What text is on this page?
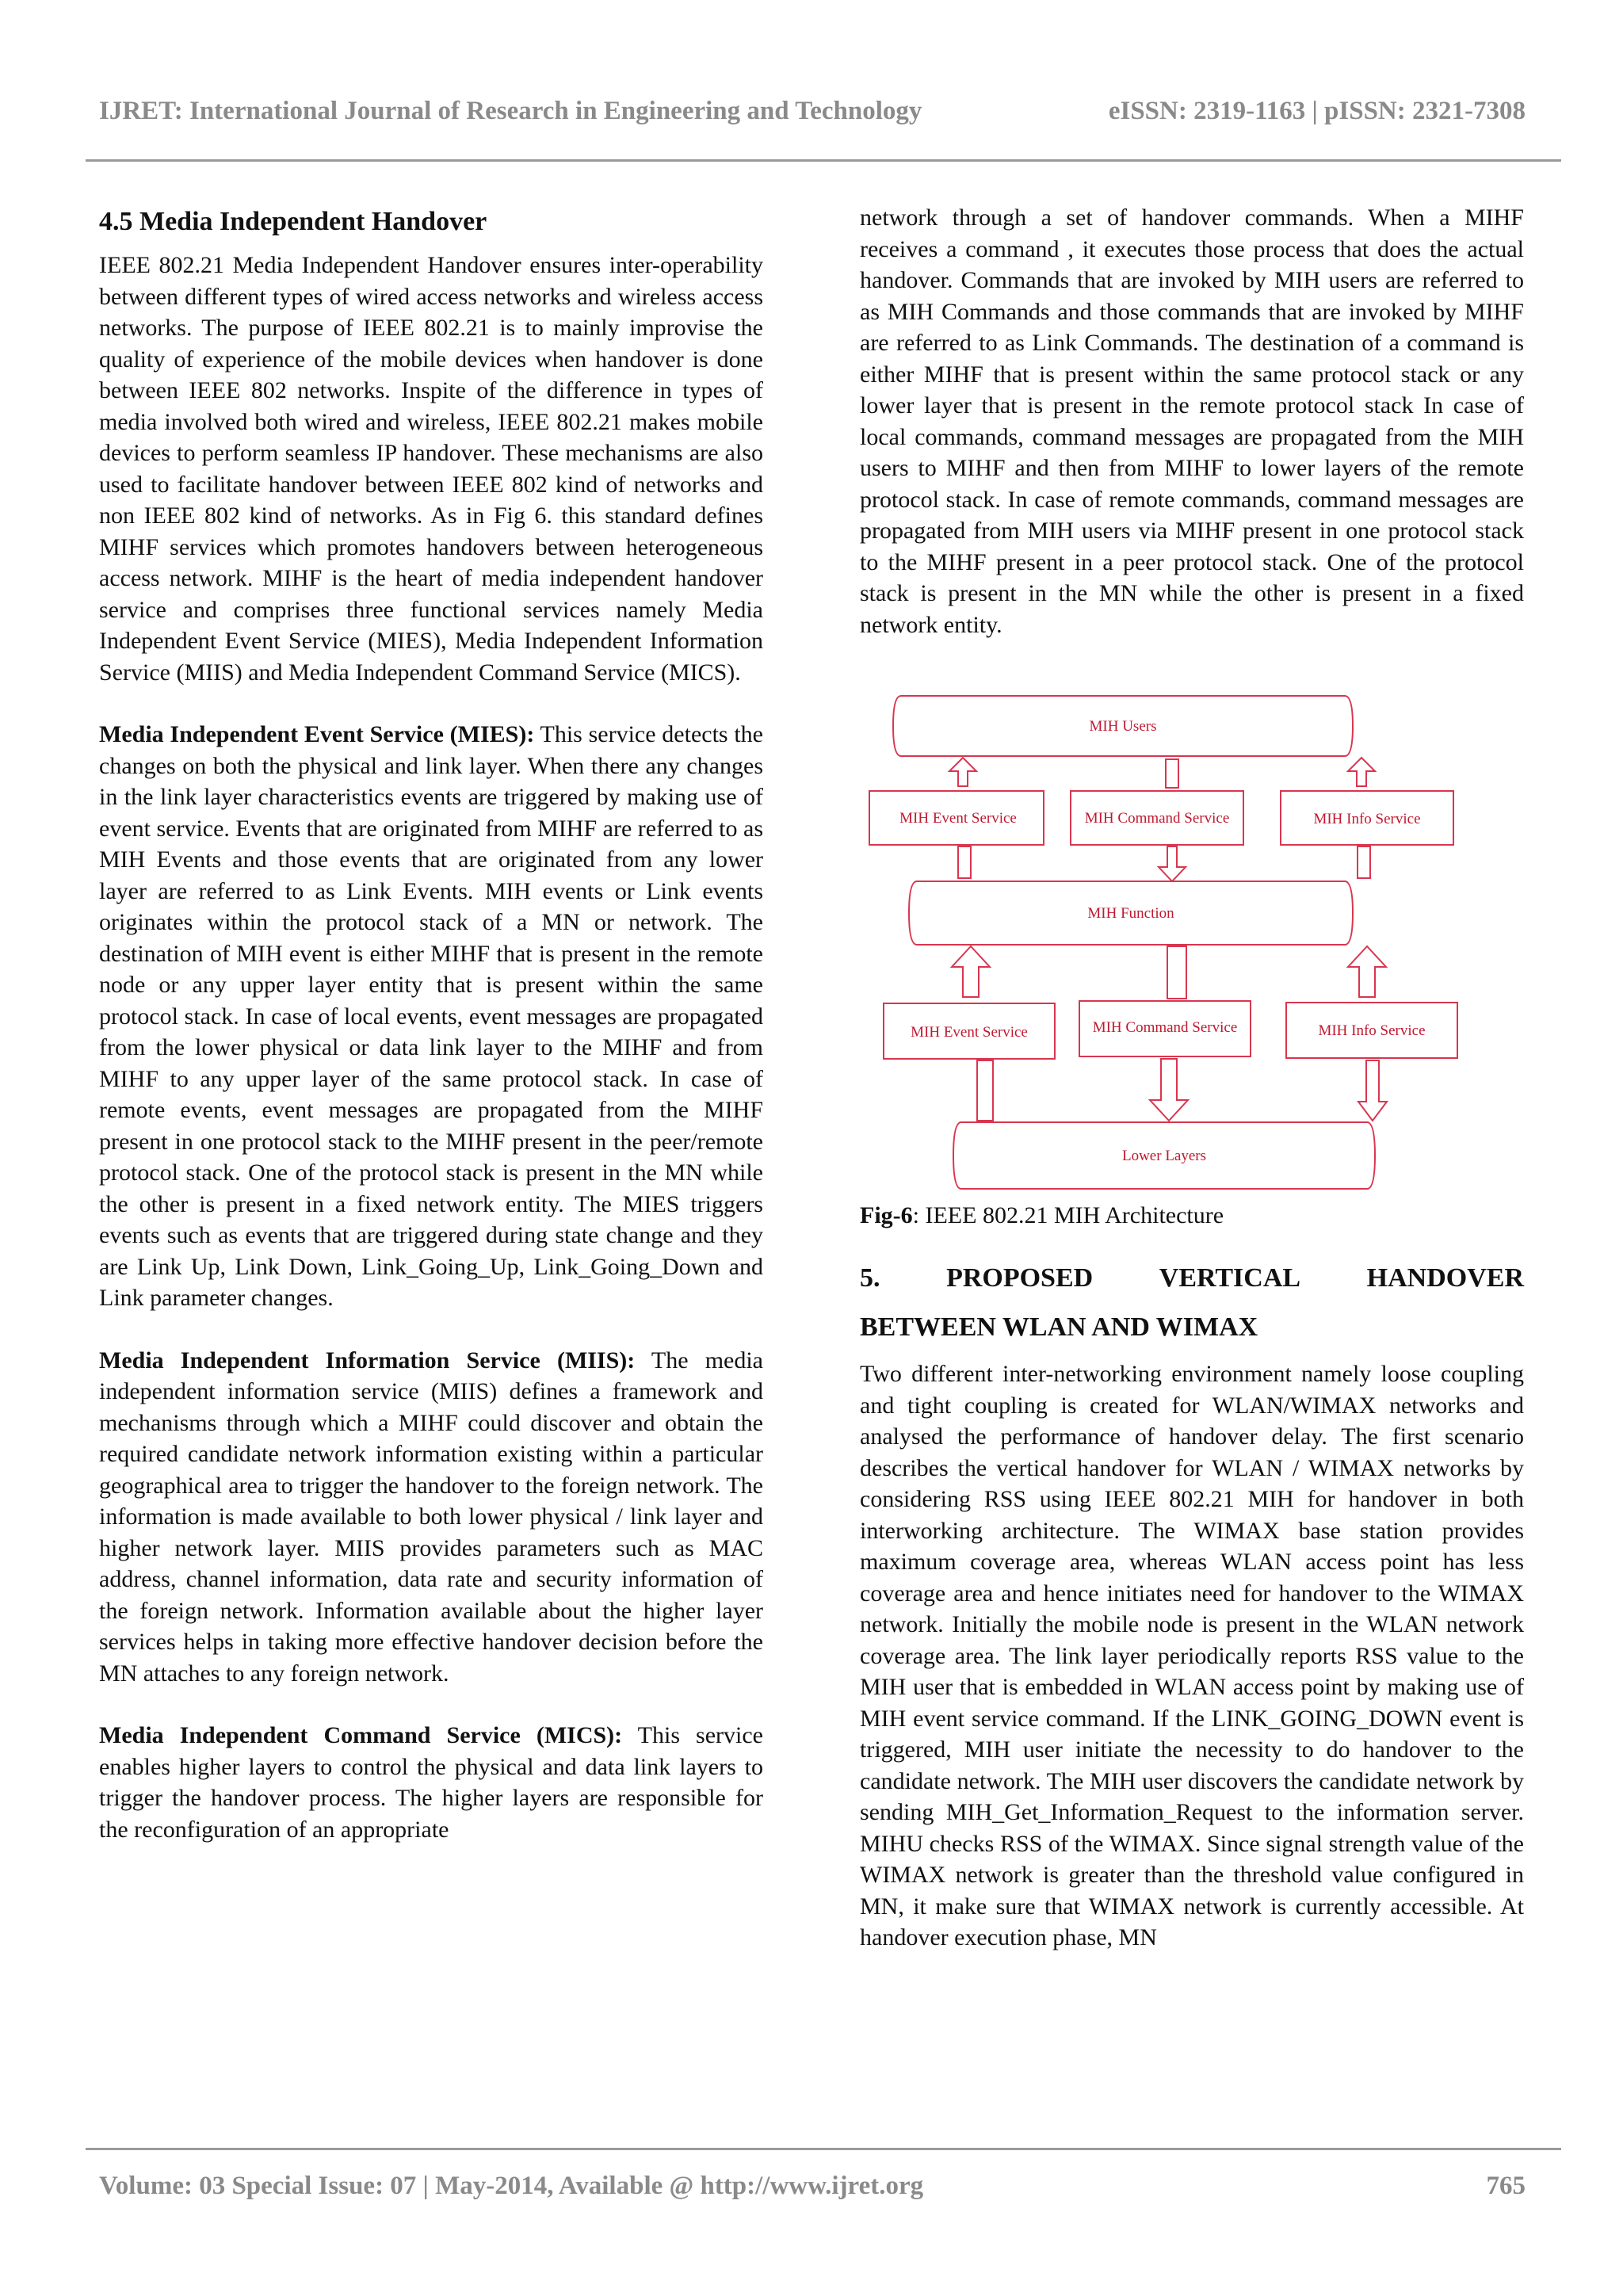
IJRET: International Journal of Research in Engineering and Technology	eISSN: 2319-1163 | pISSN: 2321-7308
4.5 Media Independent Handover

IEEE 802.21 Media Independent Handover ensures inter-operability between different types of wired access networks and wireless access networks. The purpose of IEEE 802.21 is to mainly improvise the quality of experience of the mobile devices when handover is done between IEEE 802 networks. Inspite of the difference in types of media involved both wired and wireless, IEEE 802.21 makes mobile devices to perform seamless IP handover. These mechanisms are also used to facilitate handover between IEEE 802 kind of networks and non IEEE 802 kind of networks. As in Fig 6. this standard defines MIHF services which promotes handovers between heterogeneous access network. MIHF is the heart of media independent handover service and comprises three functional services namely Media Independent Event Service (MIES), Media Independent Information Service (MIIS) and Media Independent Command Service (MICS).

Media Independent Event Service (MIES): This service detects the changes on both the physical and link layer. When there any changes in the link layer characteristics events are triggered by making use of event service. Events that are originated from MIHF are referred to as MIH Events and those events that are originated from any lower layer are referred to as Link Events. MIH events or Link events originates within the protocol stack of a MN or network. The destination of MIH event is either MIHF that is present in the remote node or any upper layer entity that is present within the same protocol stack. In case of local events, event messages are propagated from the lower physical or data link layer to the MIHF and from MIHF to any upper layer of the same protocol stack. In case of remote events, event messages are propagated from the MIHF present in one protocol stack to the MIHF present in the peer/remote protocol stack. One of the protocol stack is present in the MN while the other is present in a fixed network entity. The MIES triggers events such as events that are triggered during state change and they are Link Up, Link Down, Link_Going_Up, Link_Going_Down and Link parameter changes.

Media Independent Information Service (MIIS): The media independent information service (MIIS) defines a framework and mechanisms through which a MIHF could discover and obtain the required candidate network information existing within a particular geographical area to trigger the handover to the foreign network. The information is made available to both lower physical / link layer and higher network layer. MIIS provides parameters such as MAC address, channel information, data rate and security information of the foreign network. Information available about the higher layer services helps in taking more effective handover decision before the MN attaches to any foreign network.

Media Independent Command Service (MICS): This service enables higher layers to control the physical and data link layers to trigger the handover process. The higher layers are responsible for the reconfiguration of an appropriate

network through a set of handover commands. When a MIHF receives a command , it executes those process that does the actual handover. Commands that are invoked by MIH users are referred to as MIH Commands and those commands that are invoked by MIHF are referred to as Link Commands. The destination of a command is either MIHF that is present within the same protocol stack or any lower layer that is present in the remote protocol stack In case of local commands, command messages are propagated from the MIH users to MIHF and then from MIHF to lower layers of the remote protocol stack. In case of remote commands, command messages are propagated from MIH users via MIHF present in one protocol stack to the MIHF present in a peer protocol stack. One of the protocol stack is present in the MN while the other is present in a fixed network entity.

MIH Users
MIH Event Service	MIH Command Service	MIH Info Service
MIH Function
MIH Event Service	MIH Command Service	MIH Info Service
Lower Layers

Fig-6: IEEE 802.21 MIH Architecture

5. PROPOSED VERTICAL HANDOVER
BETWEEN WLAN AND WIMAX

Two different inter-networking environment namely loose coupling and tight coupling is created for WLAN/WIMAX networks and analysed the performance of handover delay. The first scenario describes the vertical handover for WLAN / WIMAX networks by considering RSS using IEEE 802.21 MIH for handover in both interworking architecture. The WIMAX base station provides maximum coverage area, whereas WLAN access point has less coverage area and hence initiates need for handover to the WIMAX network. Initially the mobile node is present in the WLAN network coverage area. The link layer periodically reports RSS value to the MIH user that is embedded in WLAN access point by making use of MIH event service command. If the LINK_GOING_DOWN event is triggered, MIH user initiate the necessity to do handover to the candidate network. The MIH user discovers the candidate network by sending MIH_Get_Information_Request to the information server. MIHU checks RSS of the WIMAX. Since signal strength value of the WIMAX network is greater than the threshold value configured in MN, it make sure that WIMAX network is currently accessible. At handover execution phase, MN

Volume: 03 Special Issue: 07 | May-2014, Available @ http://www.ijret.org	765
